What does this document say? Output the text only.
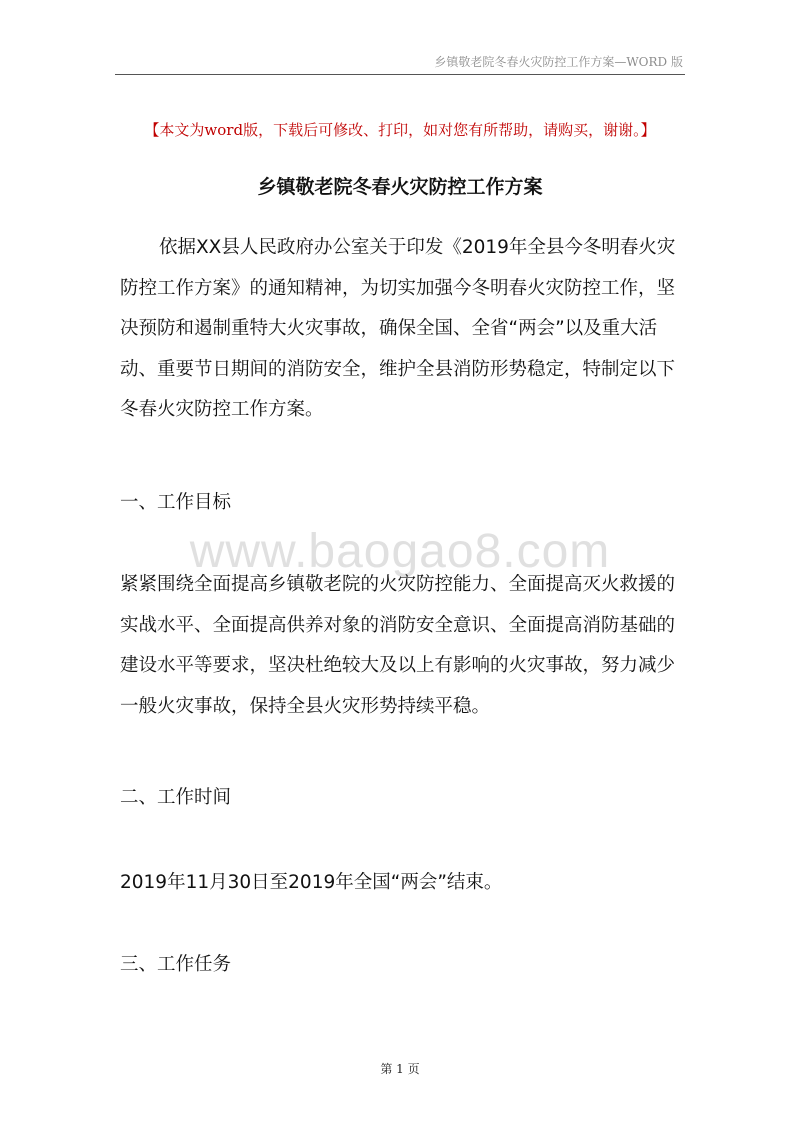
乡镇敬老院冬春火灾防控工作方案—WORD 版
【本文为word版，下载后可修改、打印，如对您有所帮助，请购买，谢谢。】
乡镇敬老院冬春火灾防控工作方案
依据XX县人民政府办公室关于印发《2019年全县今冬明春火灾防控工作方案》的通知精神，为切实加强今冬明春火灾防控工作，坚决预防和遏制重特大火灾事故，确保全国、全省“两会”以及重大活动、重要节日期间的消防安全，维护全县消防形势稳定，特制定以下冬春火灾防控工作方案。
一、工作目标
www.baogao8.com
紧紧围绕全面提高乡镇敬老院的火灾防控能力、全面提高灭火救援的实战水平、全面提高供养对象的消防安全意识、全面提高消防基础的建设水平等要求，坚决杜绝较大及以上有影响的火灾事故，努力减少一般火灾事故，保持全县火灾形势持续平稳。
二、工作时间
2019年11月30日至2019年全国“两会”结束。
三、工作任务
第 1 页
